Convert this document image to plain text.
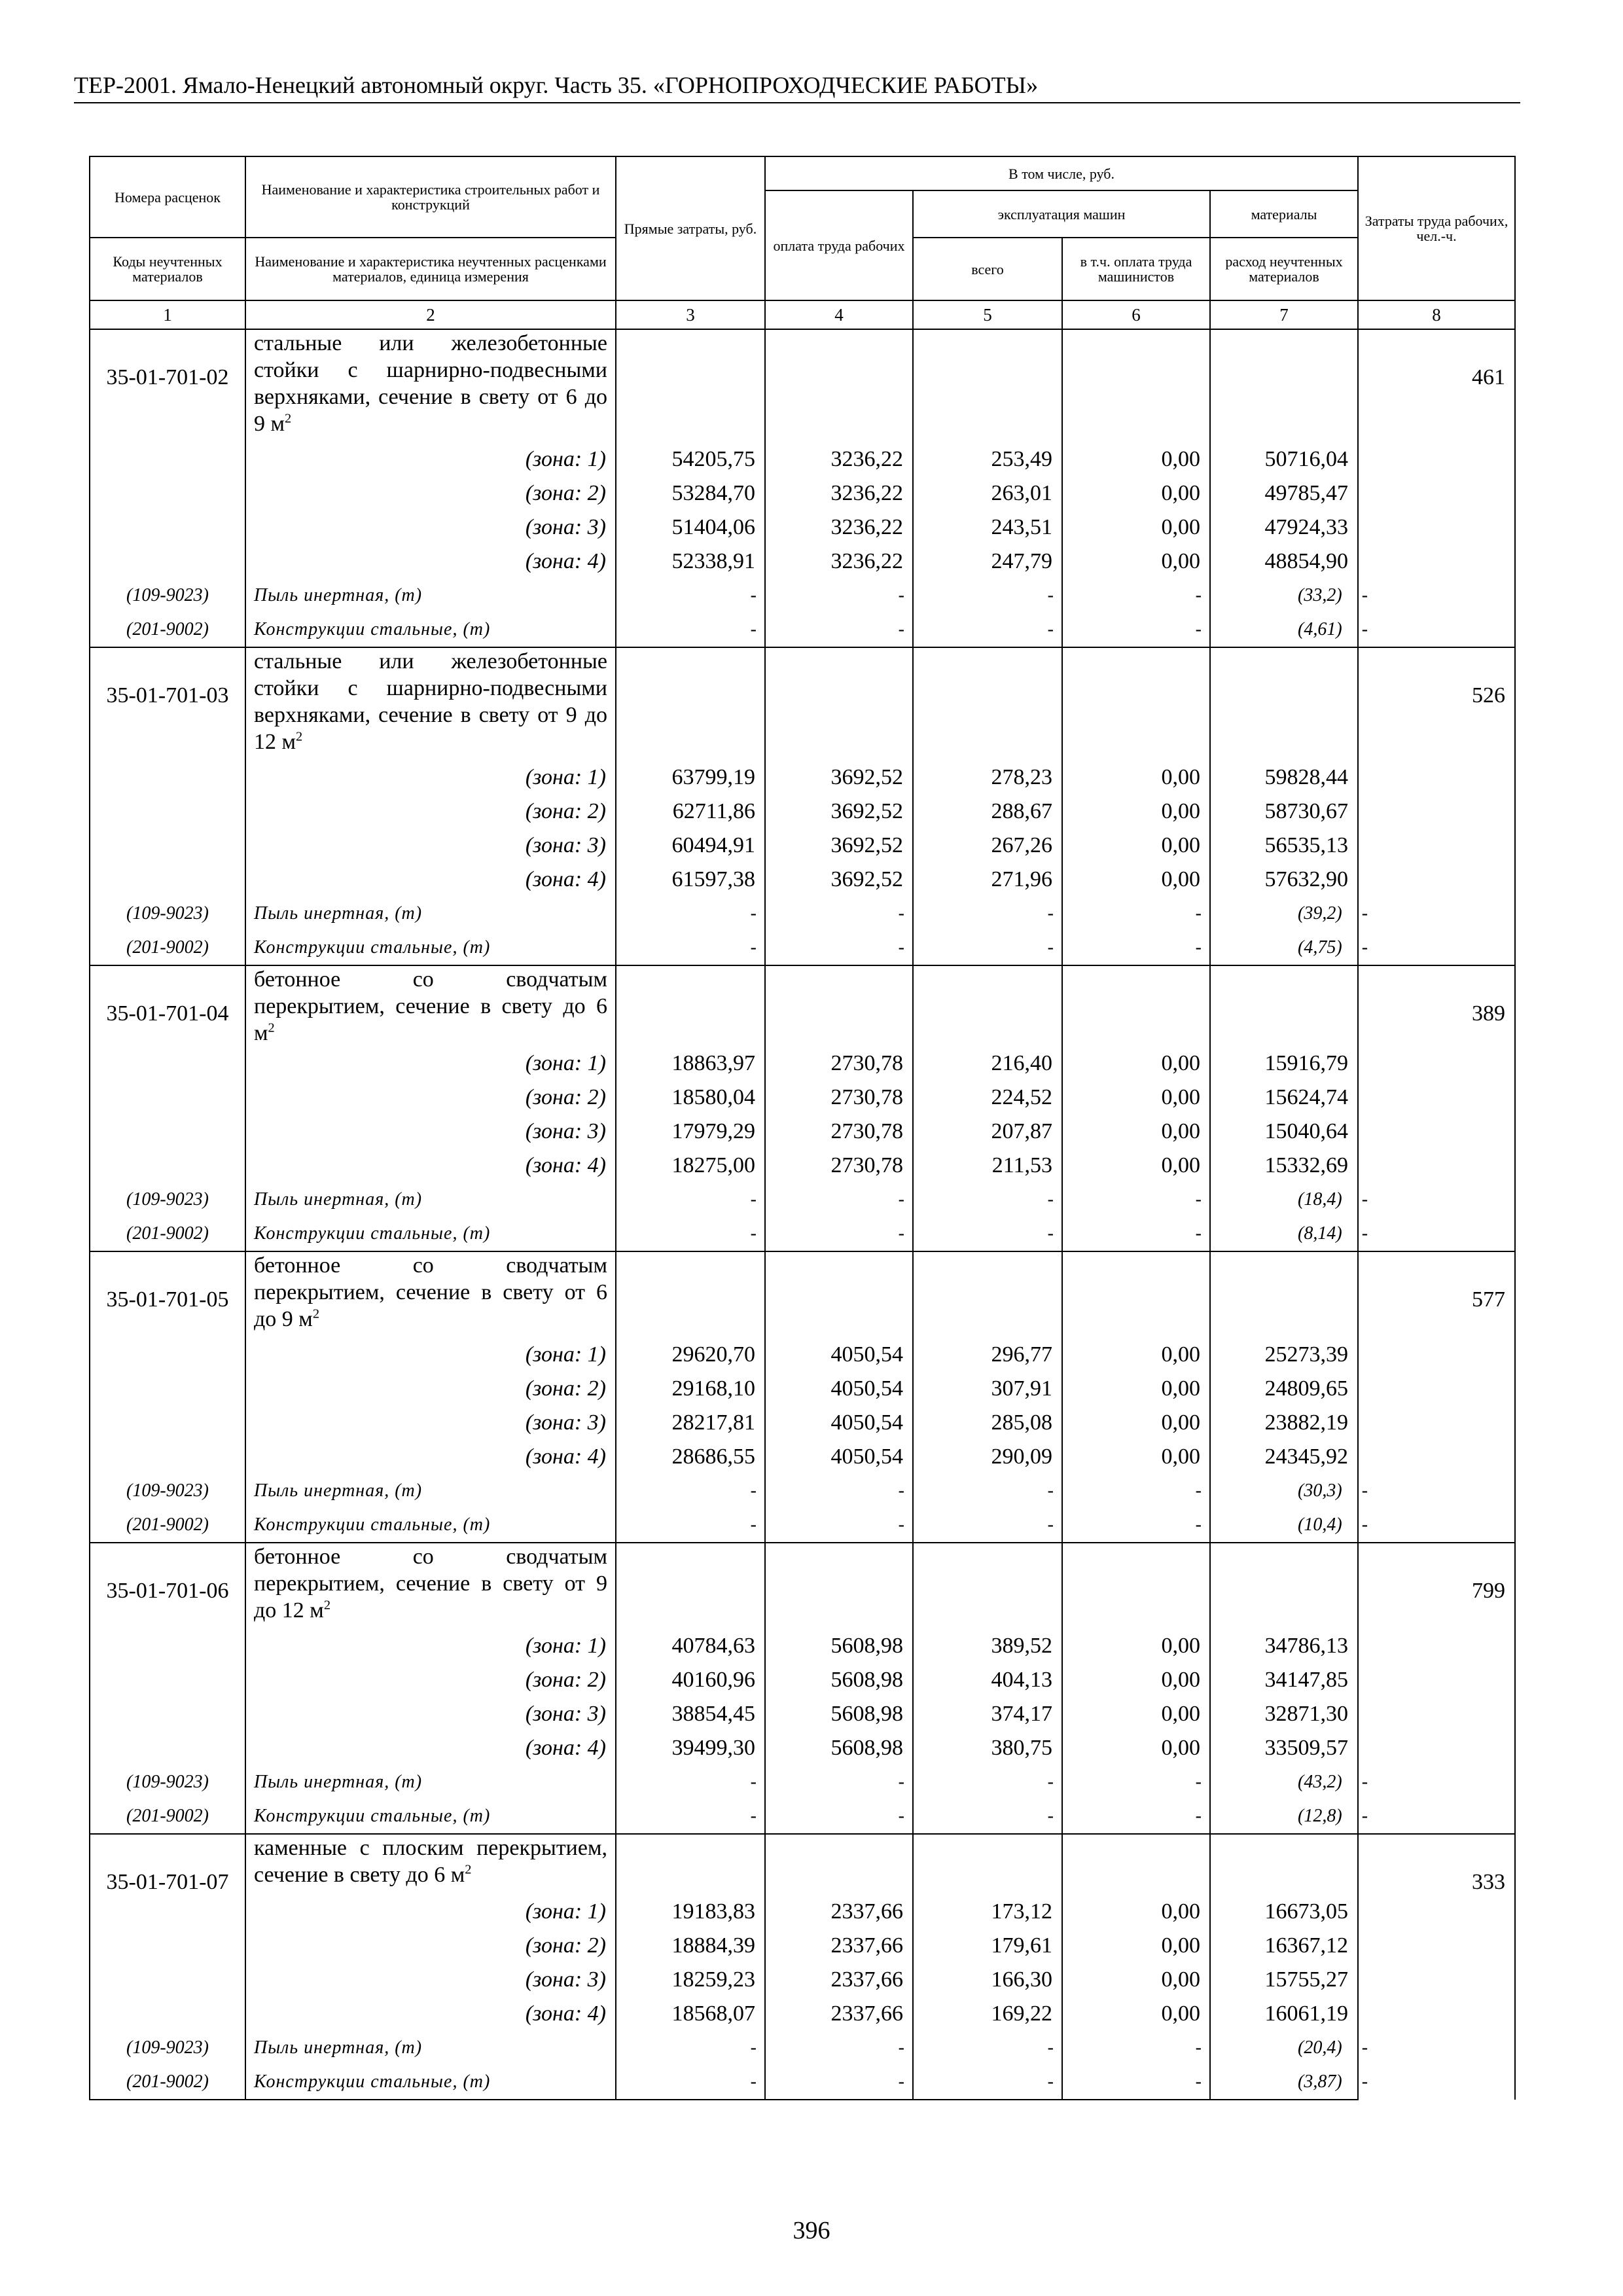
ТЕР-2001. Ямало-Ненецкий автономный округ. Часть 35. «ГОРНОПРОХОДЧЕСКИЕ РАБОТЫ»
Номера расценок	Наименование и характеристика строительных работ и конструкций	Прямые затраты, руб.	В том числе, руб.				Затраты труда рабочих, чел.-ч.
			оплата труда рабочих	эксплуатация машин		материалы	
Коды неучтенных материалов	Наименование и характеристика неучтенных расценками материалов, единица измерения			всего	в т.ч. оплата труда машинистов	расход неучтенных материалов	
1	2	3	4	5	6	7	8
35-01-701-02	стальные или железобетонные стойки с шарнирно-подвесными верхняками, сечение в свету от 6 до 9 $м^2$						461
	(зона: 1)	54205,75	3236,22	253,49	0,00	50716,04	
	(зона: 2)	53284,70	3236,22	263,01	0,00	49785,47	
	(зона: 3)	51404,06	3236,22	243,51	0,00	47924,33	
	(зона: 4)	52338,91	3236,22	247,79	0,00	48854,90	
(109-9023)	Пыль инертная, (т)	-	-	-	-	(33,2) -	
(201-9002)	Конструкции стальные, (т)	-	-	-	-	(4,61) -	
35-01-701-03	стальные или железобетонные стойки с шарнирно-подвесными верхняками, сечение в свету от 9 до 12 $м^2$						526
	(зона: 1)	63799,19	3692,52	278,23	0,00	59828,44	
	(зона: 2)	62711,86	3692,52	288,67	0,00	58730,67	
	(зона: 3)	60494,91	3692,52	267,26	0,00	56535,13	
	(зона: 4)	61597,38	3692,52	271,96	0,00	57632,90	
(109-9023)	Пыль инертная, (т)	-	-	-	-	(39,2) -	
(201-9002)	Конструкции стальные, (т)	-	-	-	-	(4,75) -	
35-01-701-04	бетонное со сводчатым перекрытием, сечение в свету до 6 $м^2$						389
	(зона: 1)	18863,97	2730,78	216,40	0,00	15916,79	
	(зона: 2)	18580,04	2730,78	224,52	0,00	15624,74	
	(зона: 3)	17979,29	2730,78	207,87	0,00	15040,64	
	(зона: 4)	18275,00	2730,78	211,53	0,00	15332,69	
(109-9023)	Пыль инертная, (т)	-	-	-	-	(18,4) -	
(201-9002)	Конструкции стальные, (т)	-	-	-	-	(8,14) -	
35-01-701-05	бетонное со сводчатым перекрытием, сечение в свету от 6 до 9 $м^2$						577
	(зона: 1)	29620,70	4050,54	296,77	0,00	25273,39	
	(зона: 2)	29168,10	4050,54	307,91	0,00	24809,65	
	(зона: 3)	28217,81	4050,54	285,08	0,00	23882,19	
	(зона: 4)	28686,55	4050,54	290,09	0,00	24345,92	
(109-9023)	Пыль инертная, (т)	-	-	-	-	(30,3) -	
(201-9002)	Конструкции стальные, (т)	-	-	-	-	(10,4) -	
35-01-701-06	бетонное со сводчатым перекрытием, сечение в свету от 9 до 12 $м^2$						799
	(зона: 1)	40784,63	5608,98	389,52	0,00	34786,13	
	(зона: 2)	40160,96	5608,98	404,13	0,00	34147,85	
	(зона: 3)	38854,45	5608,98	374,17	0,00	32871,30	
	(зона: 4)	39499,30	5608,98	380,75	0,00	33509,57	
(109-9023)	Пыль инертная, (т)	-	-	-	-	(43,2) -	
(201-9002)	Конструкции стальные, (т)	-	-	-	-	(12,8) -	
35-01-701-07	каменные с плоским перекрытием, сечение в свету до 6 $м^2$						333
	(зона: 1)	19183,83	2337,66	173,12	0,00	16673,05	
	(зона: 2)	18884,39	2337,66	179,61	0,00	16367,12	
	(зона: 3)	18259,23	2337,66	166,30	0,00	15755,27	
	(зона: 4)	18568,07	2337,66	169,22	0,00	16061,19	
(109-9023)	Пыль инертная, (т)	-	-	-	-	(20,4) -	
(201-9002)	Конструкции стальные, (т)	-	-	-	-	(3,87) -	
396
